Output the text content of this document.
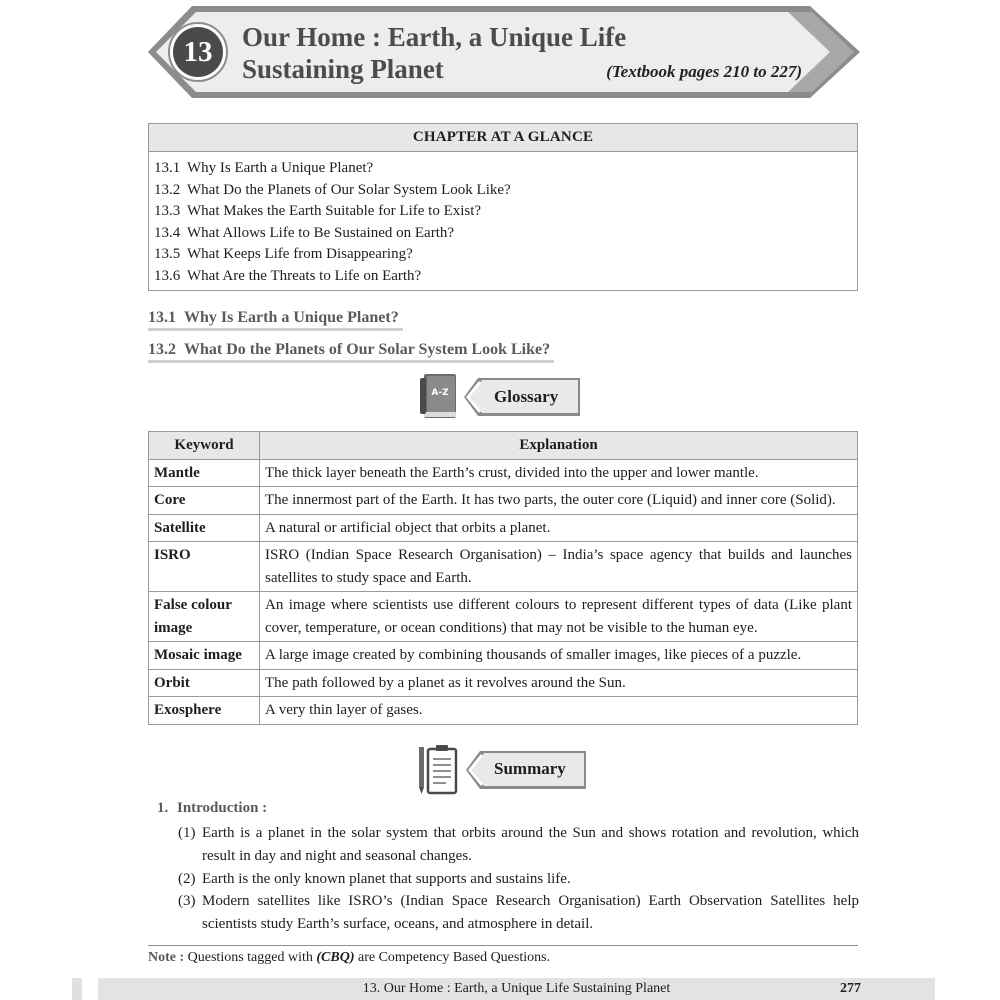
13	Our Home : Earth, a Unique Life
Sustaining Planet	(Textbook pages 210 to 227)
CHAPTER AT A GLANCE
13.1 Why Is Earth a Unique Planet?
13.2 What Do the Planets of Our Solar System Look Like?
13.3 What Makes the Earth Suitable for Life to Exist?
13.4 What Allows Life to Be Sustained on Earth?
13.5 What Keeps Life from Disappearing?
13.6 What Are the Threats to Life on Earth?
13.1 Why Is Earth a Unique Planet?
13.2 What Do the Planets of Our Solar System Look Like?
A-Z	Glossary
Keyword	Explanation
Mantle	The thick layer beneath the Earth’s crust, divided into the upper and lower mantle.
Core	The innermost part of the Earth. It has two parts, the outer core (Liquid) and inner core (Solid).
Satellite	A natural or artificial object that orbits a planet.
ISRO	ISRO (Indian Space Research Organisation) – India’s space agency that builds and launches satellites to study space and Earth.
False colour image	An image where scientists use different colours to represent different types of data (Like plant cover, temperature, or ocean conditions) that may not be visible to the human eye.
Mosaic image	A large image created by combining thousands of smaller images, like pieces of a puzzle.
Orbit	The path followed by a planet as it revolves around the Sun.
Exosphere	A very thin layer of gases.
Summary
1. Introduction :
(1) Earth is a planet in the solar system that orbits around the Sun and shows rotation and revolution, which result in day and night and seasonal changes.
(2) Earth is the only known planet that supports and sustains life.
(3) Modern satellites like ISRO’s (Indian Space Research Organisation) Earth Observation Satellites help scientists study Earth’s surface, oceans, and atmosphere in detail.
Note : Questions tagged with (CBQ) are Competency Based Questions.
13. Our Home : Earth, a Unique Life Sustaining Planet	277
